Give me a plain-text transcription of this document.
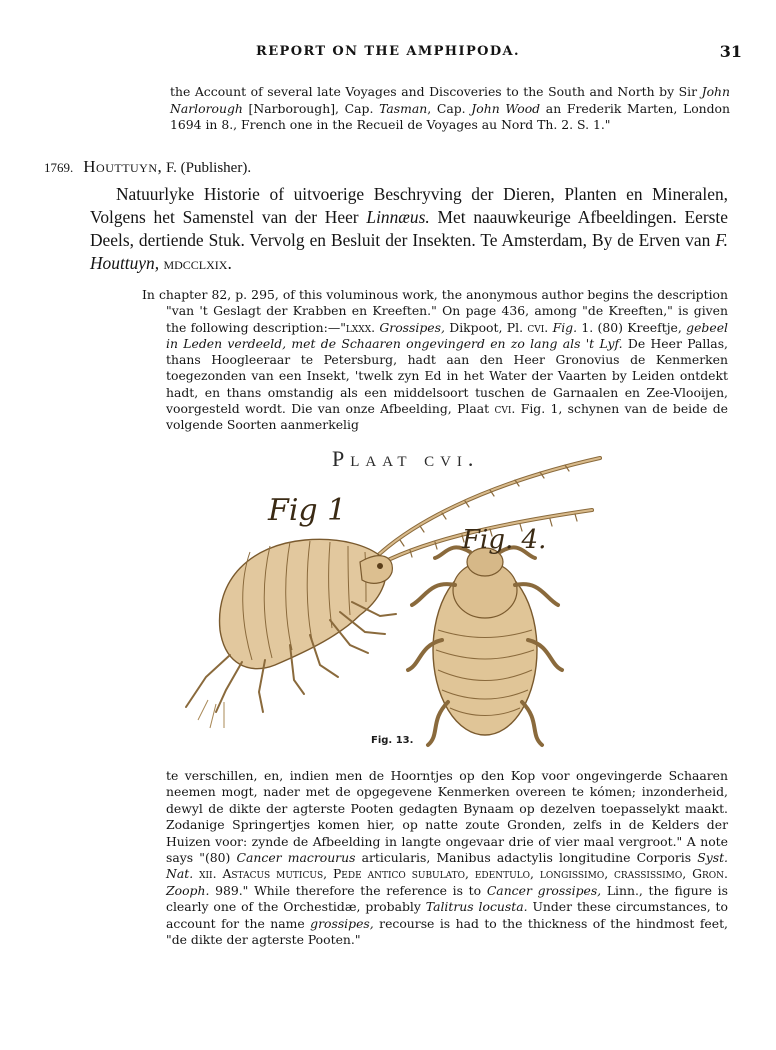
REPORT ON THE AMPHIPODA.	31
the Account of several late Voyages and Discoveries to the South and North by Sir John Narlorough [Narborough], Cap. Tasman, Cap. John Wood an Frederik Marten, London 1694 in 8., French one in the Recueil de Voyages au Nord Th. 2. S. 1."
1769. Houttuyn, F. (Publisher).
Natuurlyke Historie of uitvoerige Beschryving der Dieren, Planten en Mineralen, Volgens het Samenstel van der Heer Linnæus. Met naauwkeurige Afbeeldingen. Eerste Deels, dertiende Stuk. Vervolg en Besluit der Insekten. Te Amsterdam, By de Erven van F. Houttuyn, mdcclxix.

In chapter 82, p. 295, of this voluminous work, the anonymous author begins the description "van 't Geslagt der Krabben en Kreeften." On page 436, among "de Kreeften," is given the following description:—"lxxx. Grossipes, Dikpoot, Pl. cvi. Fig. 1. (80) Kreeftje, gebeel in Leden verdeeld, met de Schaaren ongevingerd en zo lang als 't Lyf. De Heer Pallas, thans Hoogleeraar te Petersburg, hadt aan den Heer Gronovius de Kenmerken toegezonden van een Insekt, 'twelk zyn Ed in het Water der Vaarten by Leiden ontdekt hadt, en thans omstandig als een middelsoort tuschen de Garnaalen en Zee-Vlooijen, voorgesteld wordt. Die van onze Afbeelding, Plaat cvi. Fig. 1, schynen van de beide de volgende Soorten aanmerkelig

Plaat cvi.
Fig 1
Fig. 4.
Fig. 13.

te verschillen, en, indien men de Hoorntjes op den Kop voor ongevingerde Schaaren neemen mogt, nader met de opgegevene Kenmerken overeen te kómen; inzonderheid, dewyl de dikte der agterste Pooten gedagten Bynaam op dezelven toepasselykt maakt. Zodanige Springertjes komen hier, op natte zoute Gronden, zelfs in de Kelders der Huizen voor: zynde de Afbeelding in langte ongevaar drie of vier maal vergroot." A note says "(80) Cancer macrourus articularis, Manibus adactylis longitudine Corporis Syst. Nat. xii. Astacus muticus, Pede antico subulato, edentulo, longissimo, crassissimo, Gron. Zooph. 989." While therefore the reference is to Cancer grossipes, Linn., the figure is clearly one of the Orchestidæ, probably Talitrus locusta. Under these circumstances, to account for the name grossipes, recourse is had to the thickness of the hindmost feet, "de dikte der agterste Pooten."
